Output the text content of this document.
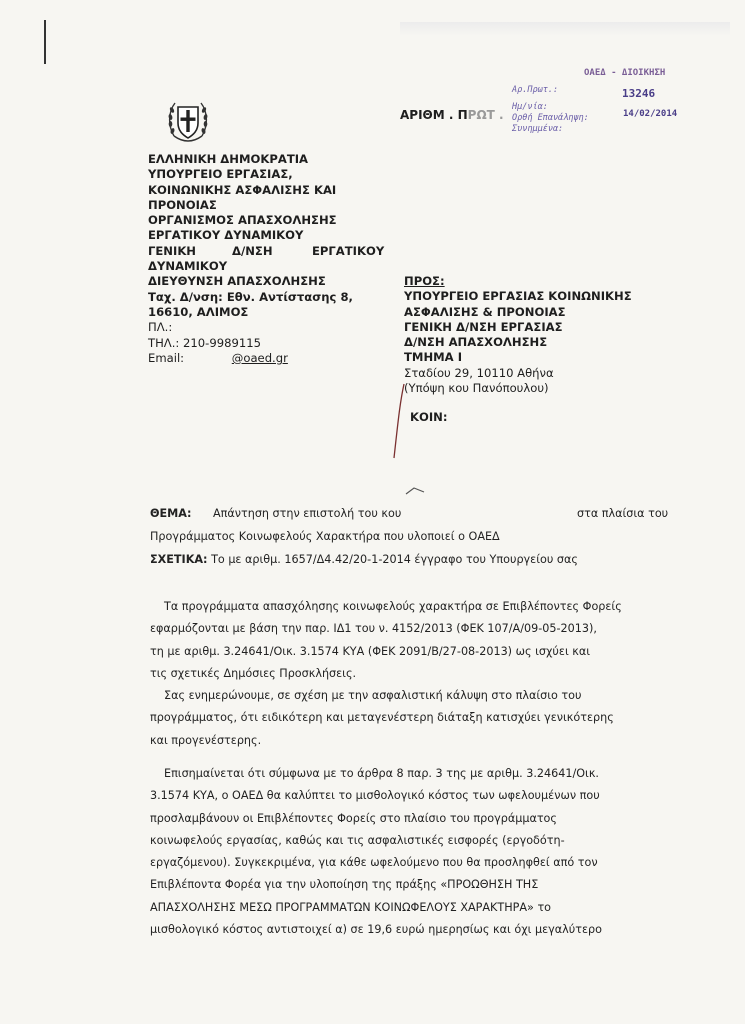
ΑΡΙΘΜ . ΠΡΩΤ .
ΟΑΕΔ - ΔΙΟΙΚΗΣΗ
Αρ.Πρωτ.:	13246
Ημ/νία:
14/02/2014
Ορθή Επανάληψη:
Συνημμένα:
ΕΛΛΗΝΙΚΗ ΔΗΜΟΚΡΑΤΙΑ
ΥΠΟΥΡΓΕΙΟ ΕΡΓΑΣΙΑΣ,
ΚΟΙΝΩΝΙΚΗΣ ΑΣΦΑΛΙΣΗΣ ΚΑΙ
ΠΡΟΝΟΙΑΣ
ΟΡΓΑΝΙΣΜΟΣ ΑΠΑΣΧΟΛΗΣΗΣ
ΕΡΓΑΤΙΚΟΥ ΔΥΝΑΜΙΚΟΥ
ΓΕΝΙΚΗ	Δ/ΝΣΗ	ΕΡΓΑΤΙΚΟΥ
ΔΥΝΑΜΙΚΟΥ
ΔΙΕΥΘΥΝΣΗ ΑΠΑΣΧΟΛΗΣΗΣ
Ταχ. Δ/νση: Εθν. Αντίστασης 8,
16610, ΑΛΙΜΟΣ
ΠΛ.:
ΤΗΛ.: 210-9989115
Email:	@oaed.gr
ΠΡΟΣ:
ΥΠΟΥΡΓΕΙΟ ΕΡΓΑΣΙΑΣ ΚΟΙΝΩΝΙΚΗΣ
ΑΣΦΑΛΙΣΗΣ & ΠΡΟΝΟΙΑΣ
ΓΕΝΙΚΗ Δ/ΝΣΗ ΕΡΓΑΣΙΑΣ
Δ/ΝΣΗ ΑΠΑΣΧΟΛΗΣΗΣ
ΤΜΗΜΑ Ι
Σταδίου 29, 10110 Αθήνα
(Υπόψη κου Πανόπουλου)
ΚΟΙΝ:
ΘΕΜΑ: Απάντηση στην επιστολή του κου	στα πλαίσια του
Προγράμματος Κοινωφελούς Χαρακτήρα που υλοποιεί ο ΟΑΕΔ
ΣΧΕΤΙΚΑ: Το με αριθμ. 1657/Δ4.42/20-1-2014 έγγραφο του Υπουργείου σας
Τα προγράμματα απασχόλησης κοινωφελούς χαρακτήρα σε Επιβλέποντες Φορείς
εφαρμόζονται με βάση την παρ. ΙΔ1 του ν. 4152/2013 (ΦΕΚ 107/Α/09-05-2013),
τη με αριθμ. 3.24641/Οικ. 3.1574 ΚΥΑ (ΦΕΚ 2091/Β/27-08-2013) ως ισχύει και
τις σχετικές Δημόσιες Προσκλήσεις.
Σας ενημερώνουμε, σε σχέση με την ασφαλιστική κάλυψη στο πλαίσιο του
προγράμματος, ότι ειδικότερη και μεταγενέστερη διάταξη κατισχύει γενικότερης
και προγενέστερης.
Επισημαίνεται ότι σύμφωνα με το άρθρα 8 παρ. 3 της με αριθμ. 3.24641/Οικ.
3.1574 ΚΥΑ, ο ΟΑΕΔ θα καλύπτει το μισθολογικό κόστος των ωφελουμένων που
προσλαμβάνουν οι Επιβλέποντες Φορείς στο πλαίσιο του προγράμματος
κοινωφελούς εργασίας, καθώς και τις ασφαλιστικές εισφορές (εργοδότη-
εργαζόμενου). Συγκεκριμένα, για κάθε ωφελούμενο που θα προσληφθεί από τον
Επιβλέποντα Φορέα για την υλοποίηση της πράξης «ΠΡΟΩΘΗΣΗ ΤΗΣ
ΑΠΑΣΧΟΛΗΣΗΣ ΜΕΣΩ ΠΡΟΓΡΑΜΜΑΤΩΝ ΚΟΙΝΩΦΕΛΟΥΣ ΧΑΡΑΚΤΗΡΑ» το
μισθολογικό κόστος αντιστοιχεί α) σε 19,6 ευρώ ημερησίως και όχι μεγαλύτερο
